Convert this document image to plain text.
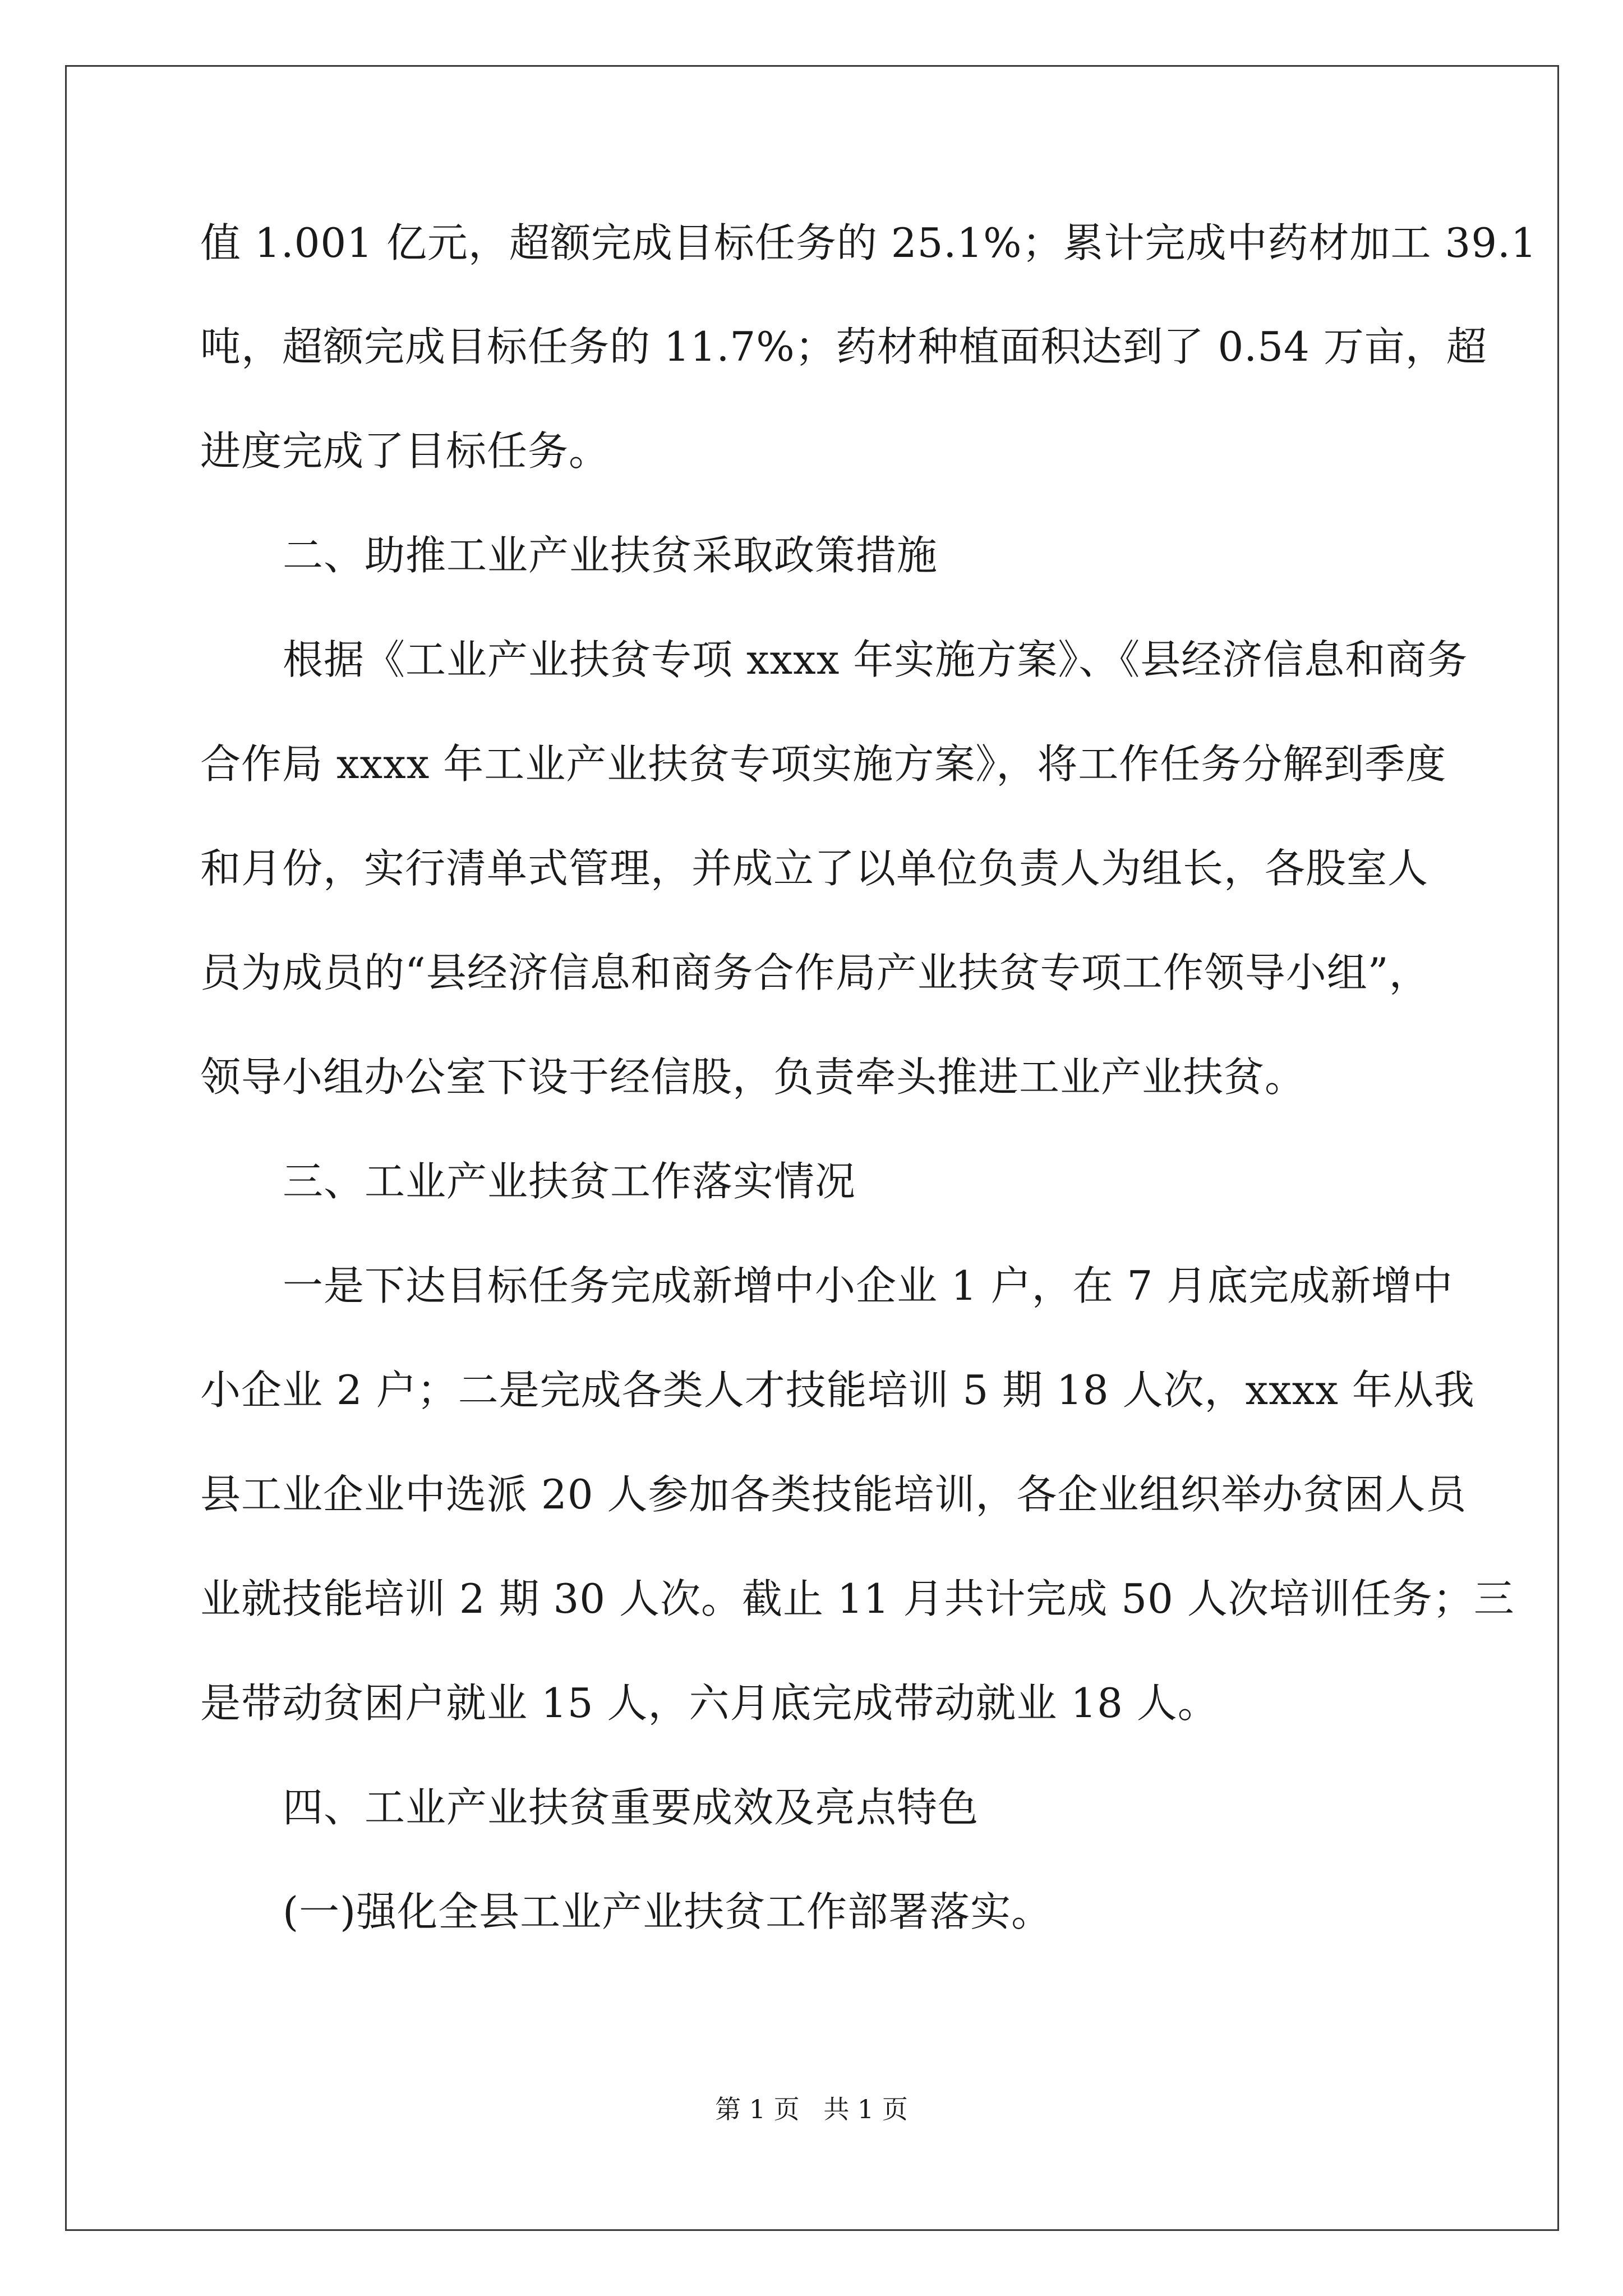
值 1.001 亿元，超额完成目标任务的 25.1%；累计完成中药材加工 39.1
吨，超额完成目标任务的 11.7%；药材种植面积达到了 0.54 万亩，超
进度完成了目标任务。
二、助推工业产业扶贫采取政策措施
根据《工业产业扶贫专项 xxxx 年实施方案》、《县经济信息和商务
合作局 xxxx 年工业产业扶贫专项实施方案》，将工作任务分解到季度
和月份，实行清单式管理，并成立了以单位负责人为组长，各股室人
员为成员的“县经济信息和商务合作局产业扶贫专项工作领导小组”，
领导小组办公室下设于经信股，负责牵头推进工业产业扶贫。
三、工业产业扶贫工作落实情况
一是下达目标任务完成新增中小企业 1 户，在 7 月底完成新增中
小企业 2 户；二是完成各类人才技能培训 5 期 18 人次，xxxx 年从我
县工业企业中选派 20 人参加各类技能培训，各企业组织举办贫困人员
业就技能培训 2 期 30 人次。截止 11 月共计完成 50 人次培训任务；三
是带动贫困户就业 15 人，六月底完成带动就业 18 人。
四、工业产业扶贫重要成效及亮点特色
(一)强化全县工业产业扶贫工作部署落实。
第 1 页 共 1 页
